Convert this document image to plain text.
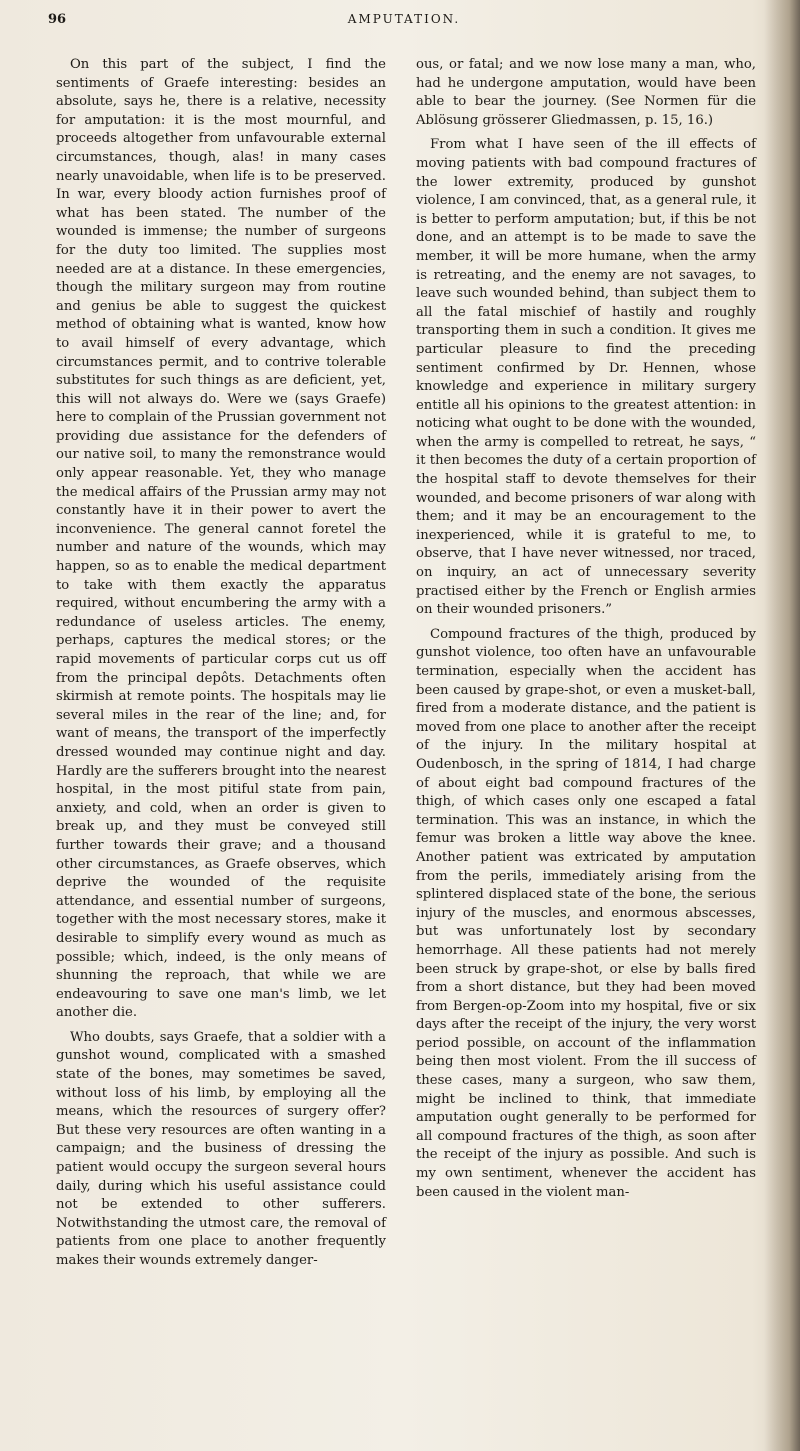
96	AMPUTATION.

On this part of the subject, I find the sentiments of Graefe interesting: besides an absolute, says he, there is a relative, necessity for amputation: it is the most mournful, and proceeds altogether from unfavourable external circumstances, though, alas! in many cases nearly unavoidable, when life is to be preserved. In war, every bloody action furnishes proof of what has been stated. The number of the wounded is immense; the number of surgeons for the duty too limited. The supplies most needed are at a distance. In these emergencies, though the military surgeon may from routine and genius be able to suggest the quickest method of obtaining what is wanted, know how to avail himself of every advantage, which circumstances permit, and to contrive tolerable substitutes for such things as are deficient, yet, this will not always do. Were we (says Graefe) here to complain of the Prussian government not providing due assistance for the defenders of our native soil, to many the remonstrance would only appear reasonable. Yet, they who manage the medical affairs of the Prussian army may not constantly have it in their power to avert the inconvenience. The general cannot foretel the number and nature of the wounds, which may happen, so as to enable the medical department to take with them exactly the apparatus required, without encumbering the army with a redundance of useless articles. The enemy, perhaps, captures the medical stores; or the rapid movements of particular corps cut us off from the principal depôts. Detachments often skirmish at remote points. The hospitals may lie several miles in the rear of the line; and, for want of means, the transport of the imperfectly dressed wounded may continue night and day. Hardly are the sufferers brought into the nearest hospital, in the most pitiful state from pain, anxiety, and cold, when an order is given to break up, and they must be conveyed still further towards their grave; and a thousand other circumstances, as Graefe observes, which deprive the wounded of the requisite attendance, and essential number of surgeons, together with the most necessary stores, make it desirable to simplify every wound as much as possible; which, indeed, is the only means of shunning the reproach, that while we are endeavouring to save one man's limb, we let another die.

Who doubts, says Graefe, that a soldier with a gunshot wound, complicated with a smashed state of the bones, may sometimes be saved, without loss of his limb, by employing all the means, which the resources of surgery offer? But these very resources are often wanting in a campaign; and the business of dressing the patient would occupy the surgeon several hours daily, during which his useful assistance could not be extended to other sufferers. Notwithstanding the utmost care, the removal of patients from one place to another frequently makes their wounds extremely danger-

ous, or fatal; and we now lose many a man, who, had he undergone amputation, would have been able to bear the journey. (See Normen für die Ablösung grösserer Gliedmassen, p. 15, 16.)

From what I have seen of the ill effects of moving patients with bad compound fractures of the lower extremity, produced by gunshot violence, I am convinced, that, as a general rule, it is better to perform amputation; but, if this be not done, and an attempt is to be made to save the member, it will be more humane, when the army is retreating, and the enemy are not savages, to leave such wounded behind, than subject them to all the fatal mischief of hastily and roughly transporting them in such a condition. It gives me particular pleasure to find the preceding sentiment confirmed by Dr. Hennen, whose knowledge and experience in military surgery entitle all his opinions to the greatest attention: in noticing what ought to be done with the wounded, when the army is compelled to retreat, he says, “ it then becomes the duty of a certain proportion of the hospital staff to devote themselves for their wounded, and become prisoners of war along with them; and it may be an encouragement to the inexperienced, while it is grateful to me, to observe, that I have never witnessed, nor traced, on inquiry, an act of unnecessary severity practised either by the French or English armies on their wounded prisoners.”

Compound fractures of the thigh, produced by gunshot violence, too often have an unfavourable termination, especially when the accident has been caused by grape-shot, or even a musket-ball, fired from a moderate distance, and the patient is moved from one place to another after the receipt of the injury. In the military hospital at Oudenbosch, in the spring of 1814, I had charge of about eight bad compound fractures of the thigh, of which cases only one escaped a fatal termination. This was an instance, in which the femur was broken a little way above the knee. Another patient was extricated by amputation from the perils, immediately arising from the splintered displaced state of the bone, the serious injury of the muscles, and enormous abscesses, but was unfortunately lost by secondary hemorrhage. All these patients had not merely been struck by grape-shot, or else by balls fired from a short distance, but they had been moved from Bergen-op-Zoom into my hospital, five or six days after the receipt of the injury, the very worst period possible, on account of the inflammation being then most violent. From the ill success of these cases, many a surgeon, who saw them, might be inclined to think, that immediate amputation ought generally to be performed for all compound fractures of the thigh, as soon after the receipt of the injury as possible. And such is my own sentiment, whenever the accident has been caused in the violent man-
